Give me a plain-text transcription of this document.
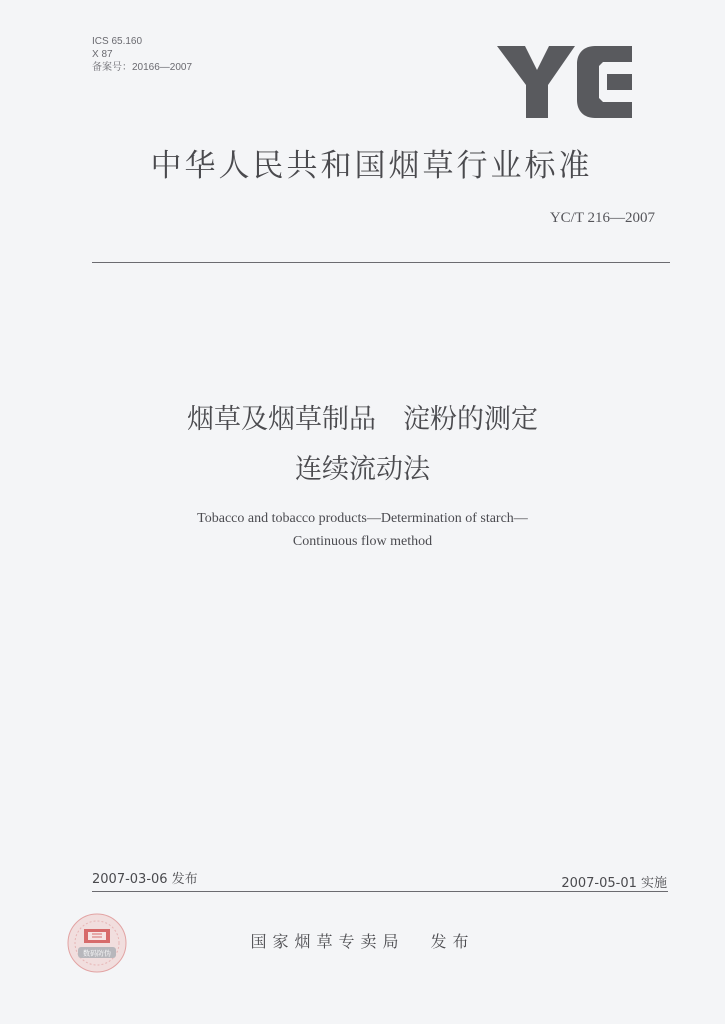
ICS 65.160
X 87
备案号：20166—2007
中华人民共和国烟草行业标准
YC/T 216—2007
烟草及烟草制品　淀粉的测定
连续流动法
Tobacco and tobacco products—Determination of starch—
Continuous flow method
2007-03-06 发布	2007-05-01 实施
数码防伪
国家烟草专卖局 发布
